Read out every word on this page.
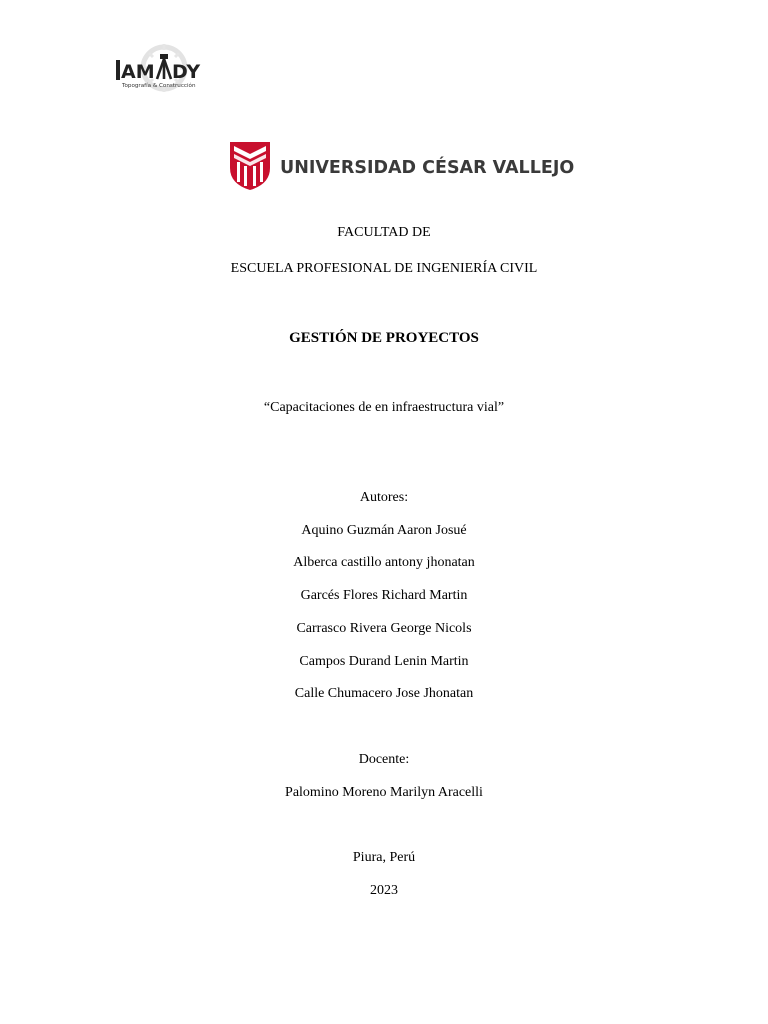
AM DY
Topografía & Construcción
UNIVERSIDAD CÉSAR VALLEJO
FACULTAD DE
ESCUELA PROFESIONAL DE INGENIERÍA CIVIL
GESTIÓN DE PROYECTOS
“Capacitaciones de en infraestructura vial”
Autores:
Aquino Guzmán Aaron Josué
Alberca castillo antony jhonatan
Garcés Flores Richard Martin
Carrasco Rivera George Nicols
Campos Durand Lenin Martin
Calle Chumacero Jose Jhonatan
Docente:
Palomino Moreno Marilyn Aracelli
Piura, Perú
2023
